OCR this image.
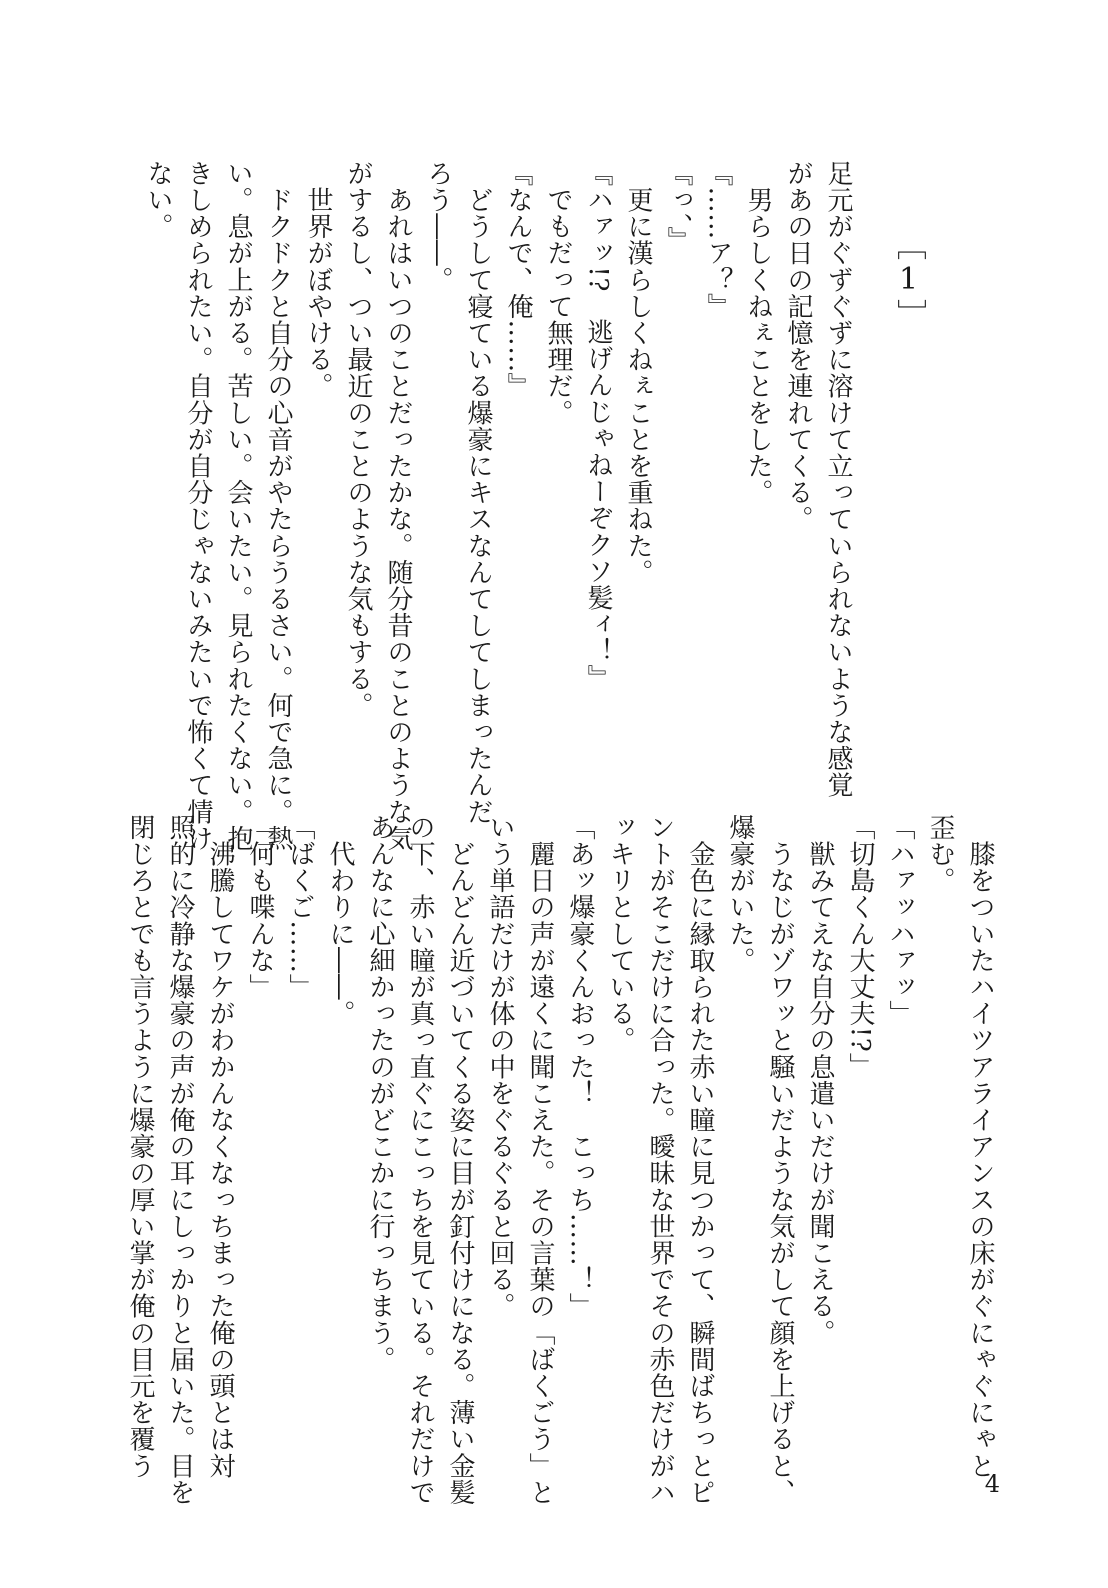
［1］
足元がぐずぐずに溶けて立っていられないような感覚
があの日の記憶を連れてくる。
　男らしくねぇことをした。
『……ア？』
『っ、』
　更に漢らしくねぇことを重ねた。
『ハァッ!?　逃げんじゃねーぞクソ髪ィ！』
　でもだって無理だ。
『なんで、俺……』
　どうして寝ている爆豪にキスなんてしてしまったんだ
ろう――。
　あれはいつのことだったかな。随分昔のことのような気
がするし、つい最近のことのような気もする。
　世界がぼやける。
　ドクドクと自分の心音がやたらうるさい。何で急に。熱
い。息が上がる。苦しい。会いたい。見られたくない。抱
きしめられたい。自分が自分じゃないみたいで怖くて情け
ない。
　膝をついたハイツアライアンスの床がぐにゃぐにゃと
歪む。
「ハァッハァッ」
「切島くん大丈夫!?」
　獣みてえな自分の息遣いだけが聞こえる。
　うなじがゾワッと騒いだような気がして顔を上げると、
爆豪がいた。
　金色に縁取られた赤い瞳に見つかって、瞬間ばちっとピ
ントがそこだけに合った。曖昧な世界でその赤色だけがハ
ッキリとしている。
「あッ爆豪くんおった！　こっち……！」
　麗日の声が遠くに聞こえた。その言葉の「ばくごう」と
いう単語だけが体の中をぐるぐると回る。
　どんどん近づいてくる姿に目が釘付けになる。薄い金髪
の下、赤い瞳が真っ直ぐにこっちを見ている。それだけで
あんなに心細かったのがどこかに行っちまう。
　代わりに――。
「ばくご……」
「何も喋んな」
　沸騰してワケがわかんなくなっちまった俺の頭とは対
照的に冷静な爆豪の声が俺の耳にしっかりと届いた。目を
閉じろとでも言うように爆豪の厚い掌が俺の目元を覆う
4
